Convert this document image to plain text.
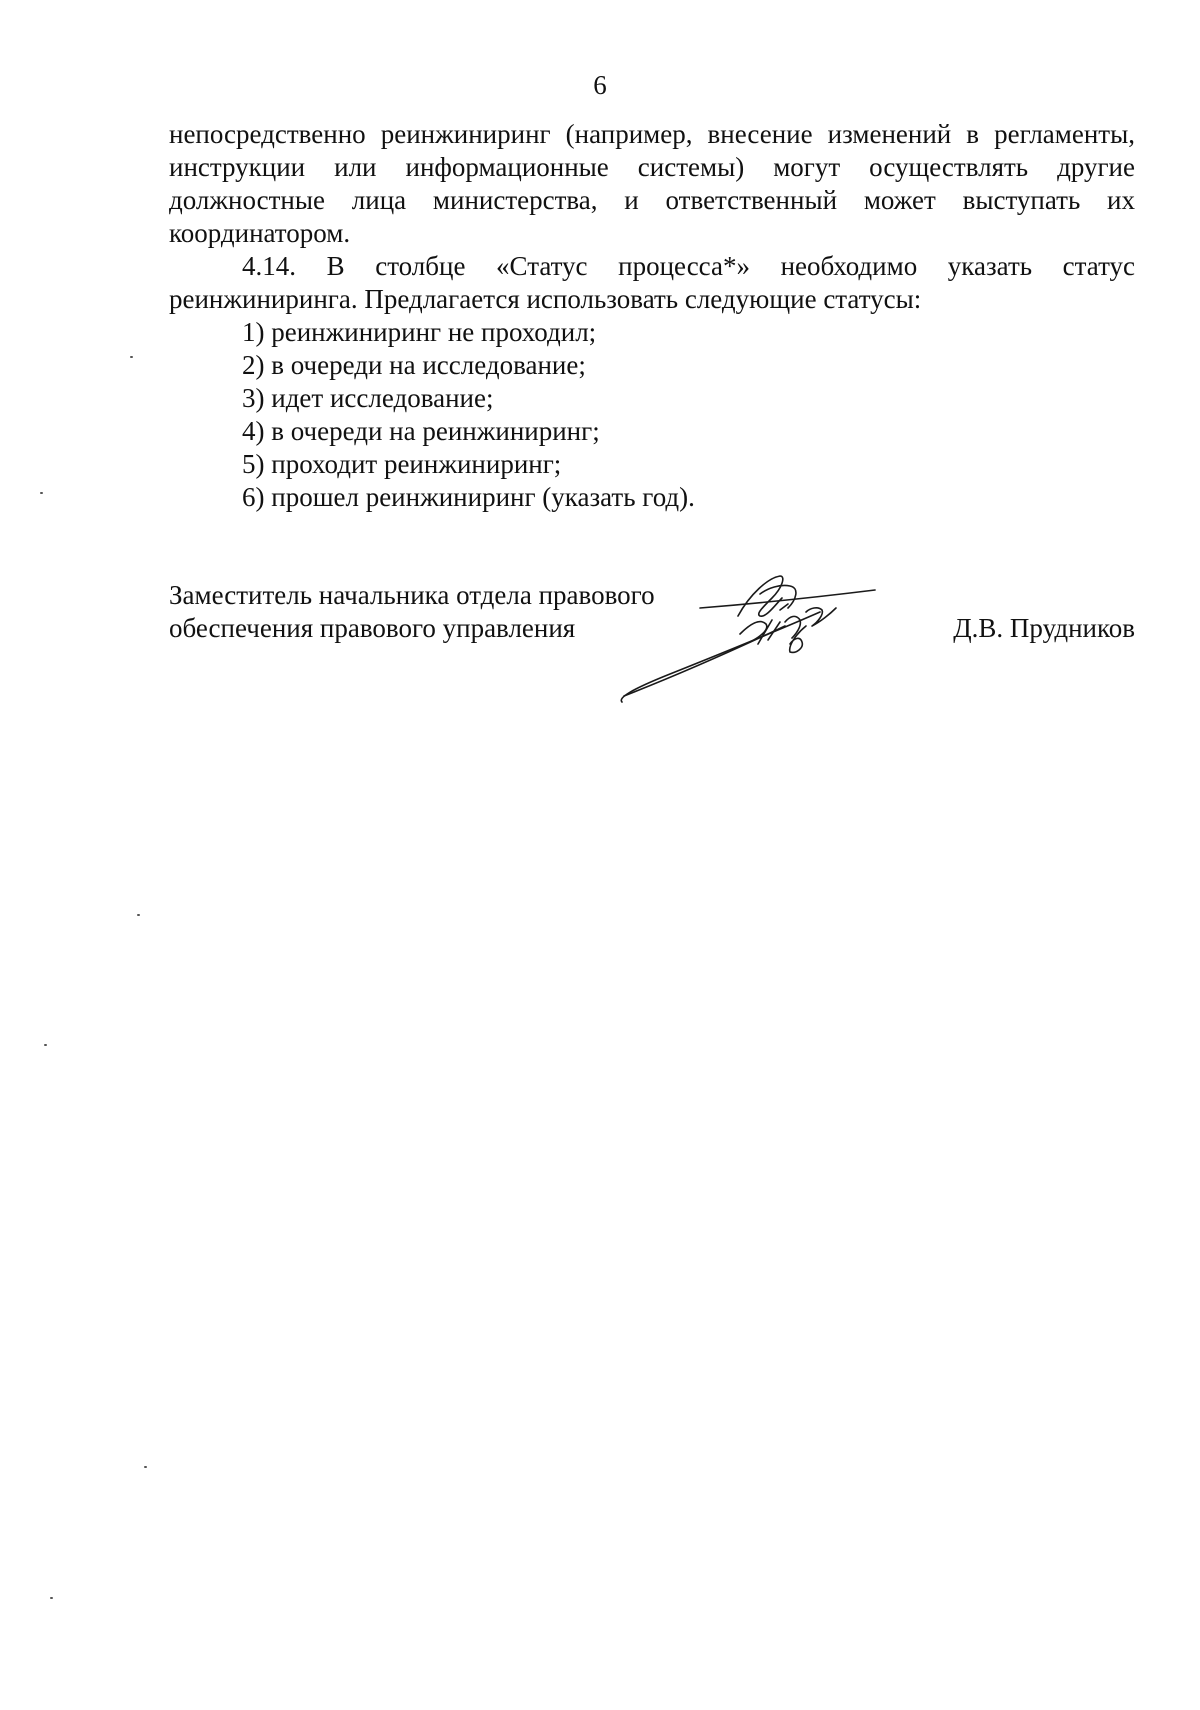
6

непосредственно реинжиниринг (например, внесение изменений в регламенты, инструкции или информационные системы) могут осуществлять другие должностные лица министерства, и ответственный может выступать их координатором.

4.14. В столбце «Статус процесса*» необходимо указать статус реинжиниринга. Предлагается использовать следующие статусы:

1) реинжиниринг не проходил;
2) в очереди на исследование;
3) идет исследование;
4) в очереди на реинжиниринг;
5) проходит реинжиниринг;
6) прошел реинжиниринг (указать год).
Заместитель начальника отдела правового
обеспечения правового управления	Д.В. Прудников
